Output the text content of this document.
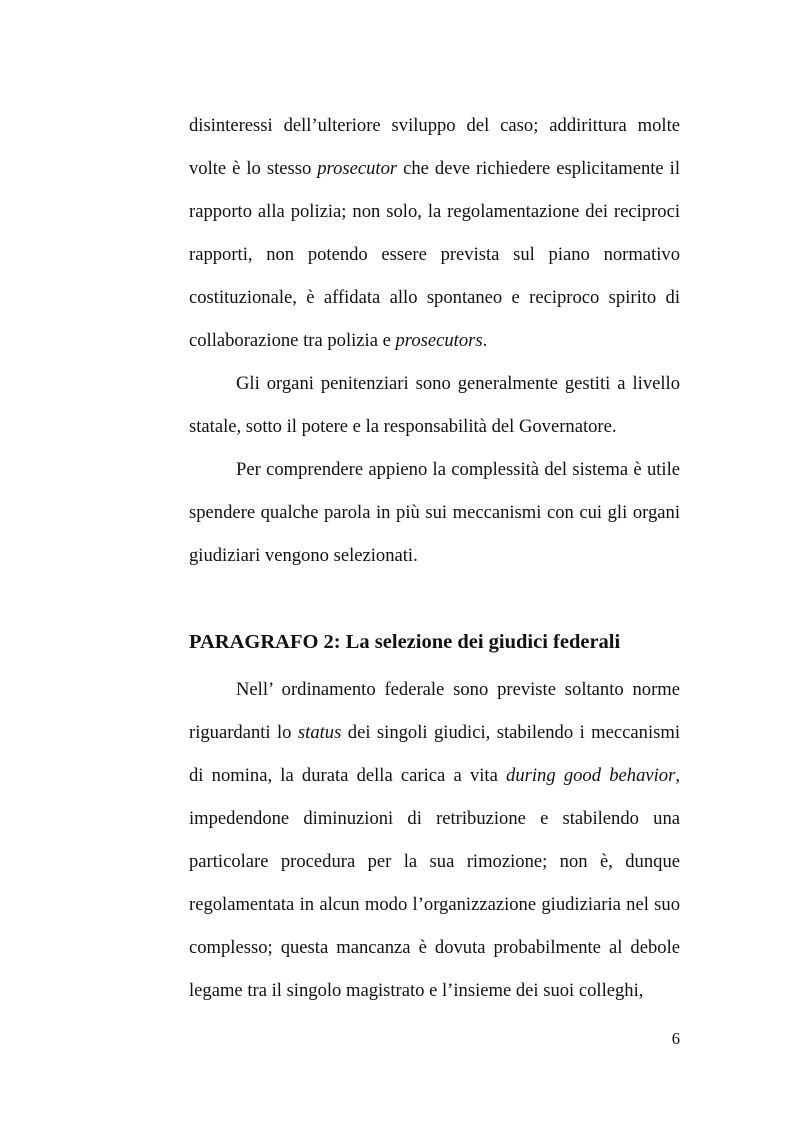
disinteressi dell’ulteriore sviluppo del caso; addirittura molte volte è lo stesso prosecutor che deve richiedere esplicitamente il rapporto alla polizia; non solo, la regolamentazione dei reciproci rapporti, non potendo essere prevista sul piano normativo costituzionale, è affidata allo spontaneo e reciproco spirito di collaborazione tra polizia e prosecutors.

Gli organi penitenziari sono generalmente gestiti a livello statale, sotto il potere e la responsabilità del Governatore.

Per comprendere appieno la complessità del sistema è utile spendere qualche parola in più sui meccanismi con cui gli organi giudiziari vengono selezionati.

PARAGRAFO 2: La selezione dei giudici federali

Nell’ ordinamento federale sono previste soltanto norme riguardanti lo status dei singoli giudici, stabilendo i meccanismi di nomina, la durata della carica a vita during good behavior, impedendone diminuzioni di retribuzione e stabilendo una particolare procedura per la sua rimozione; non è, dunque regolamentata in alcun modo l’organizzazione giudiziaria nel suo complesso; questa mancanza è dovuta probabilmente al debole legame tra il singolo magistrato e l’insieme dei suoi colleghi,

6
